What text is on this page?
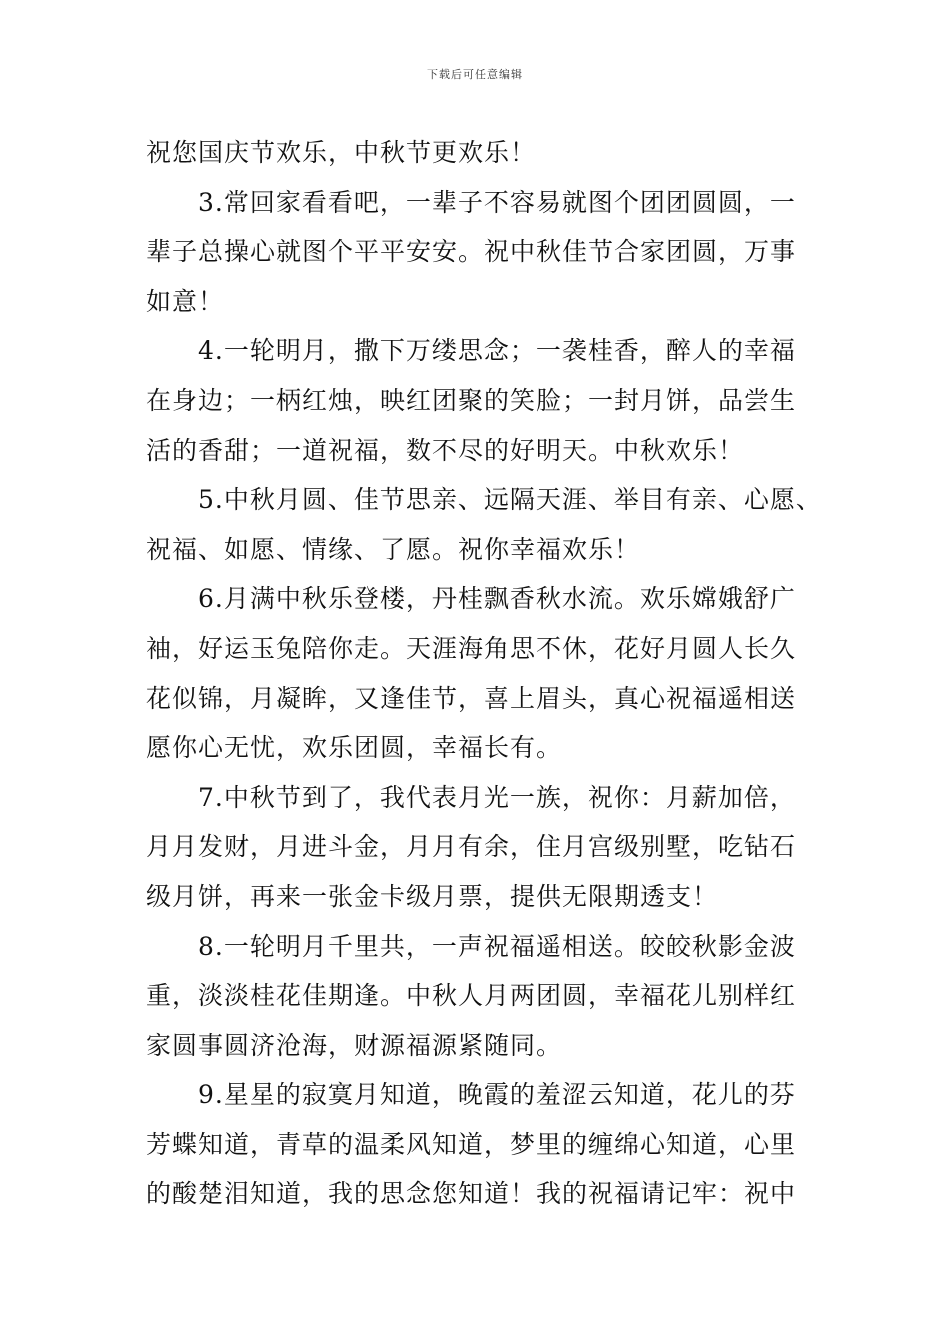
下载后可任意编辑
祝您国庆节欢乐，中秋节更欢乐！
3.常回家看看吧，一辈子不容易就图个团团圆圆，一
辈子总操心就图个平平安安。祝中秋佳节合家团圆，万事
如意！
4.一轮明月，撒下万缕思念；一袭桂香，醉人的幸福
在身边；一柄红烛，映红团聚的笑脸；一封月饼，品尝生
活的香甜；一道祝福，数不尽的好明天。中秋欢乐！
5.中秋月圆、佳节思亲、远隔天涯、举目有亲、心愿、
祝福、如愿、情缘、了愿。祝你幸福欢乐！
6.月满中秋乐登楼，丹桂飘香秋水流。欢乐嫦娥舒广
袖，好运玉兔陪你走。天涯海角思不休，花好月圆人长久
花似锦，月凝眸，又逢佳节，喜上眉头，真心祝福遥相送
愿你心无忧，欢乐团圆，幸福长有。
7.中秋节到了，我代表月光一族，祝你：月薪加倍，
月月发财，月进斗金，月月有余，住月宫级别墅，吃钻石
级月饼，再来一张金卡级月票，提供无限期透支！
8.一轮明月千里共，一声祝福遥相送。皎皎秋影金波
重，淡淡桂花佳期逢。中秋人月两团圆，幸福花儿别样红
家圆事圆济沧海，财源福源紧随同。
9.星星的寂寞月知道，晚霞的羞涩云知道，花儿的芬
芳蝶知道，青草的温柔风知道，梦里的缠绵心知道，心里
的酸楚泪知道，我的思念您知道！我的祝福请记牢：祝中
